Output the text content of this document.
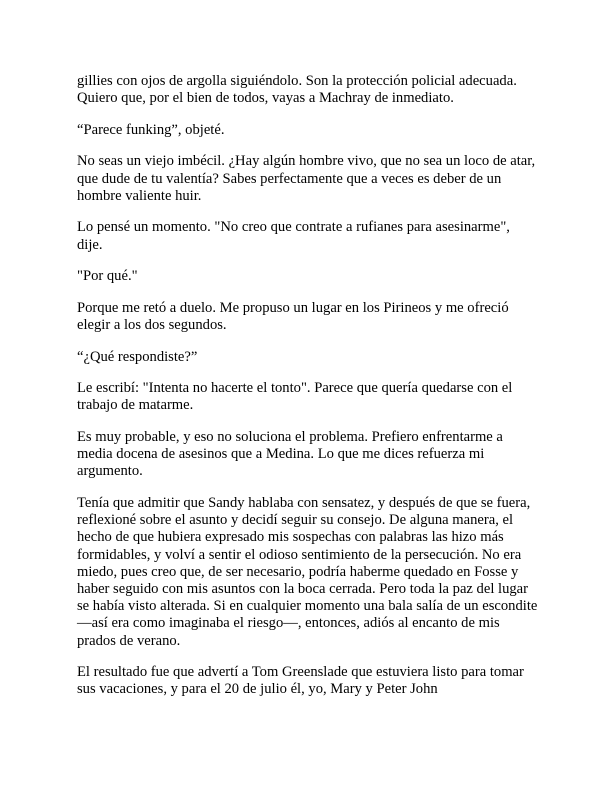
gillies con ojos de argolla siguiéndolo. Son la protección policial adecuada. Quiero que, por el bien de todos, vayas a Machray de inmediato.

“Parece funking”, objeté.

No seas un viejo imbécil. ¿Hay algún hombre vivo, que no sea un loco de atar, que dude de tu valentía? Sabes perfectamente que a veces es deber de un hombre valiente huir.

Lo pensé un momento. "No creo que contrate a rufianes para asesinarme", dije.

"Por qué."

Porque me retó a duelo. Me propuso un lugar en los Pirineos y me ofreció elegir a los dos segundos.

“¿Qué respondiste?”

Le escribí: "Intenta no hacerte el tonto". Parece que quería quedarse con el trabajo de matarme.

Es muy probable, y eso no soluciona el problema. Prefiero enfrentarme a media docena de asesinos que a Medina. Lo que me dices refuerza mi argumento.

Tenía que admitir que Sandy hablaba con sensatez, y después de que se fuera, reflexioné sobre el asunto y decidí seguir su consejo. De alguna manera, el hecho de que hubiera expresado mis sospechas con palabras las hizo más formidables, y volví a sentir el odioso sentimiento de la persecución. No era miedo, pues creo que, de ser necesario, podría haberme quedado en Fosse y haber seguido con mis asuntos con la boca cerrada. Pero toda la paz del lugar se había visto alterada. Si en cualquier momento una bala salía de un escondite —así era como imaginaba el riesgo—, entonces, adiós al encanto de mis prados de verano.

El resultado fue que advertí a Tom Greenslade que estuviera listo para tomar sus vacaciones, y para el 20 de julio él, yo, Mary y Peter John
